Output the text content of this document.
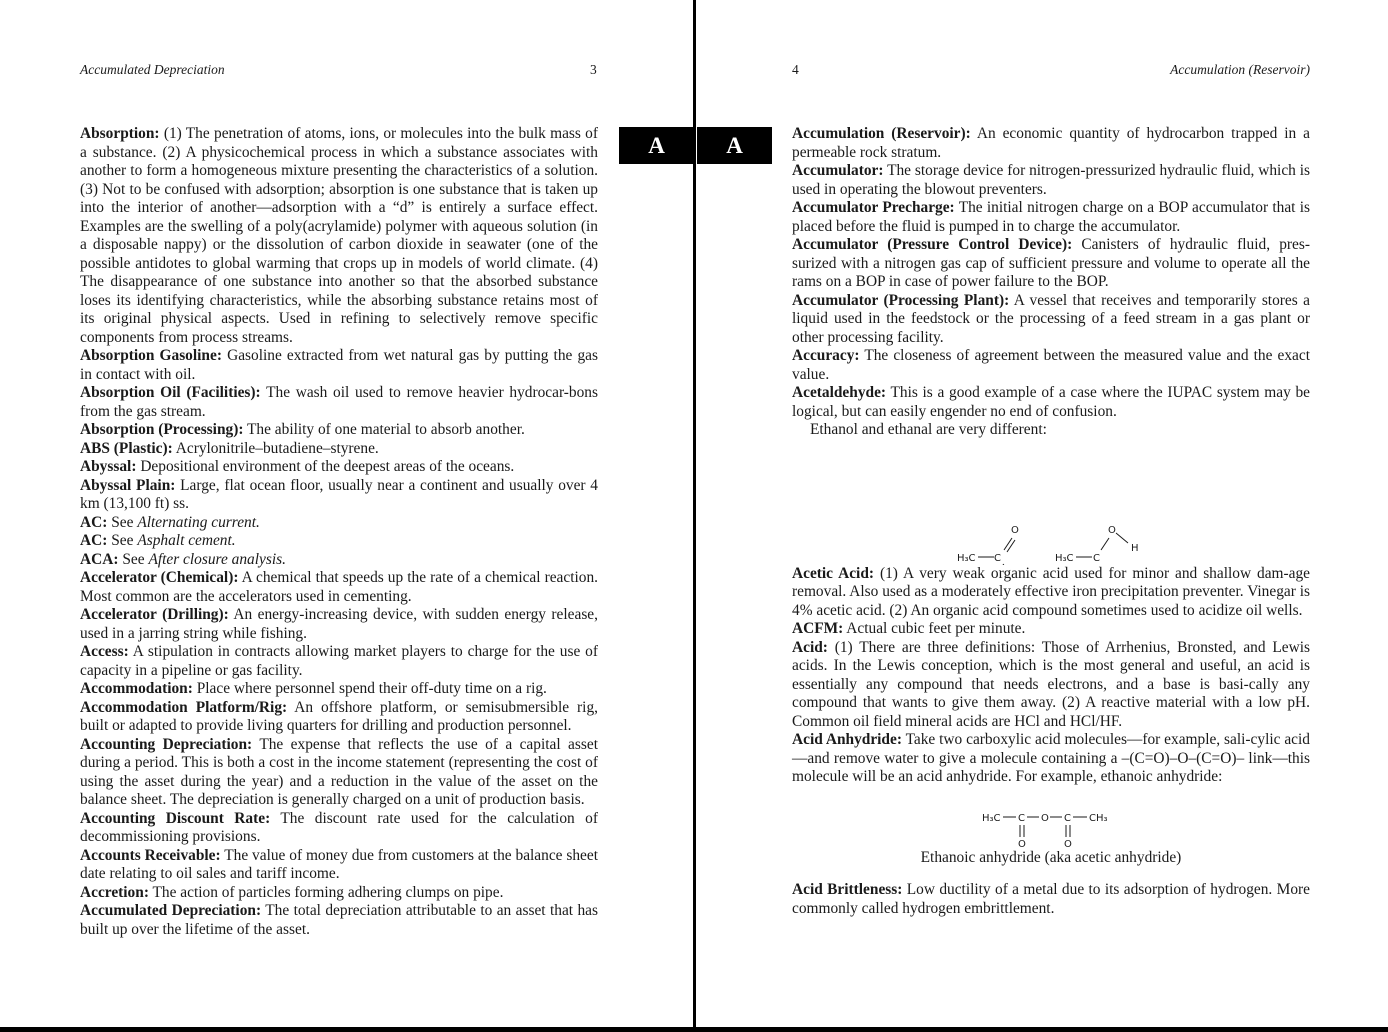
Accumulated Depreciation	3
A

Absorption: (1) The penetration of atoms, ions, or molecules into the bulk mass of a substance. (2) A physicochemical process in which a substance associates with another to form a homogeneous mixture presenting the characteristics of a solution. (3) Not to be confused with adsorption; absorption is one substance that is taken up into the interior of another—adsorption with a “d” is entirely a surface effect. Examples are the swelling of a poly(acrylamide) polymer with aqueous solution (in a disposable nappy) or the dissolution of carbon dioxide in seawater (one of the possible antidotes to global warming that crops up in models of world climate. (4) The disappearance of one substance into another so that the absorbed substance loses its identifying characteristics, while the absorbing substance retains most of its original physical aspects. Used in refining to selectively remove specific components from process streams.

Absorption Gasoline: Gasoline extracted from wet natural gas by putting the gas in contact with oil.

Absorption Oil (Facilities): The wash oil used to remove heavier hydrocar-bons from the gas stream.

Absorption (Processing): The ability of one material to absorb another.

ABS (Plastic): Acrylonitrile–butadiene–styrene.

Abyssal: Depositional environment of the deepest areas of the oceans.

Abyssal Plain: Large, flat ocean floor, usually near a continent and usually over 4 km (13,100 ft) ss.

AC: See Alternating current.

AC: See Asphalt cement.

ACA: See After closure analysis.

Accelerator (Chemical): A chemical that speeds up the rate of a chemical reaction. Most common are the accelerators used in cementing.

Accelerator (Drilling): An energy-increasing device, with sudden energy release, used in a jarring string while fishing.

Access: A stipulation in contracts allowing market players to charge for the use of capacity in a pipeline or gas facility.

Accommodation: Place where personnel spend their off-duty time on a rig.

Accommodation Platform/Rig: An offshore platform, or semisubmersible rig, built or adapted to provide living quarters for drilling and production personnel.

Accounting Depreciation: The expense that reflects the use of a capital asset during a period. This is both a cost in the income statement (representing the cost of using the asset during the year) and a reduction in the value of the asset on the balance sheet. The depreciation is generally charged on a unit of production basis.

Accounting Discount Rate: The discount rate used for the calculation of decommissioning provisions.

Accounts Receivable: The value of money due from customers at the balance sheet date relating to oil sales and tariff income.

Accretion: The action of particles forming adhering clumps on pipe.

Accumulated Depreciation: The total depreciation attributable to an asset that has built up over the lifetime of the asset.

4	Accumulation (Reservoir)
A	Accumulation (Reservoir): An economic quantity of hydrocarbon trapped in a permeable rock stratum.

Accumulator: The storage device for nitrogen-pressurized hydraulic fluid, which is used in operating the blowout preventers.

Accumulator Precharge: The initial nitrogen charge on a BOP accumulator that is placed before the fluid is pumped in to charge the accumulator.

Accumulator (Pressure Control Device): Canisters of hydraulic fluid, pres-surized with a nitrogen gas cap of sufficient pressure and volume to operate all the rams on a BOP in case of power failure to the BOP.

Accumulator (Processing Plant): A vessel that receives and temporarily stores a liquid used in the feedstock or the processing of a feed stream in a gas plant or other processing facility.

Accuracy: The closeness of agreement between the measured value and the exact value.

Acetaldehyde: This is a good example of a case where the IUPAC system may be logical, but can easily engender no end of confusion.

Ethanol and ethanal are very different:

H₃C C
O
H₃C C
O
H

Acetic Acid: (1) A very weak organic acid used for minor and shallow dam-age removal. Also used as a moderately effective iron precipitation preventer. Vinegar is 4% acetic acid. (2) An organic acid compound sometimes used to acidize oil wells.

ACFM: Actual cubic feet per minute.

Acid: (1) There are three definitions: Those of Arrhenius, Bronsted, and Lewis acids. In the Lewis conception, which is the most general and useful, an acid is essentially any compound that needs electrons, and a base is basi-cally any compound that wants to give them away. (2) A reactive material with a low pH. Common oil field mineral acids are HCl and HCl/HF.

Acid Anhydride: Take two carboxylic acid molecules—for example, sali-cylic acid—and remove water to give a molecule containing a –(C=O)–O–(C=O)– link—this molecule will be an acid anhydride. For example, ethanoic anhydride:

H₃C C O C CH₃
O	O

Ethanoic anhydride (aka acetic anhydride)

Acid Brittleness: Low ductility of a metal due to its adsorption of hydrogen. More commonly called hydrogen embrittlement.
